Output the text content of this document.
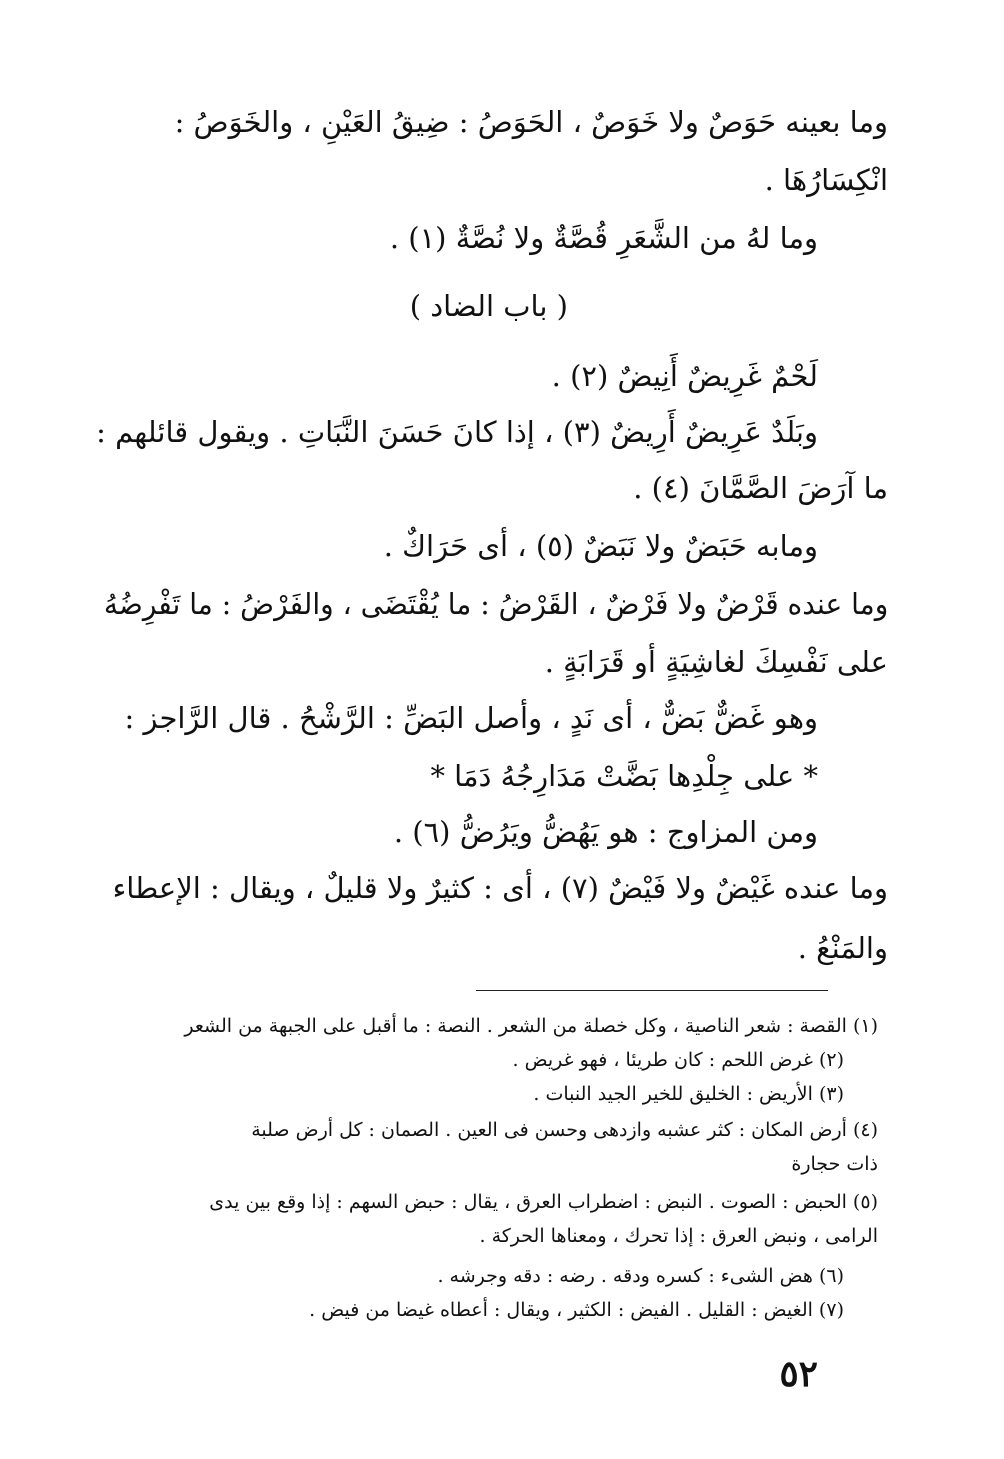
وما بعينه حَوَصٌ ولا خَوَصٌ ، الحَوَصُ : ضِيقُ العَيْنِ ، والخَوَصُ :
انْكِسَارُهَا .
وما لهُ من الشَّعَرِ قُصَّةٌ ولا نُصَّةٌ (١) .
( باب الضاد )
لَحْمٌ غَرِيضٌ أَنِيضٌ (٢) .
وبَلَدٌ عَرِيضٌ أَرِيضٌ (٣) ، إذا كانَ حَسَنَ النَّبَاتِ . ويقول قائلهم :
ما آرَضَ الصَّمَّانَ (٤) .
ومابه حَبَضٌ ولا نَبَضٌ (٥) ، أى حَرَاكٌ .
وما عنده قَرْضٌ ولا فَرْضٌ ، القَرْضُ : ما يُقْتَضَى ، والفَرْضُ : ما تَفْرِضُهُ
على نَفْسِكَ لغاشِيَةٍ أو قَرَابَةٍ .
وهو غَضٌّ بَضٌّ ، أى نَدٍ ، وأصل البَضِّ : الرَّشْحُ . قال الرَّاجز :
* على جِلْدِها بَضَّتْ مَدَارِجُهُ دَمَا *
ومن المزاوج : هو يَهُضُّ ويَرُضُّ (٦) .
وما عنده غَيْضٌ ولا فَيْضٌ (٧) ، أى : كثيرٌ ولا قليلٌ ، ويقال : الإعطاء
والمَنْعُ .
(١) القصة : شعر الناصية ، وكل خصلة من الشعر . النصة : ما أقبل على الجبهة من الشعر
(٢) غرض اللحم : كان طريئا ، فهو غريض .
(٣) الأريض : الخليق للخير الجيد النبات .
(٤) أرض المكان : كثر عشبه وازدهى وحسن فى العين . الصمان : كل أرض صلبة
ذات حجارة
(٥) الحبض : الصوت . النبض : اضطراب العرق ، يقال : حبض السهم : إذا وقع بين يدى
الرامى ، ونبض العرق : إذا تحرك ، ومعناها الحركة .
(٦) هض الشىء : كسره ودقه . رضه : دقه وجرشه .
(٧) الغيض : القليل . الفيض : الكثير ، ويقال : أعطاه غيضا من فيض .
٥٢
